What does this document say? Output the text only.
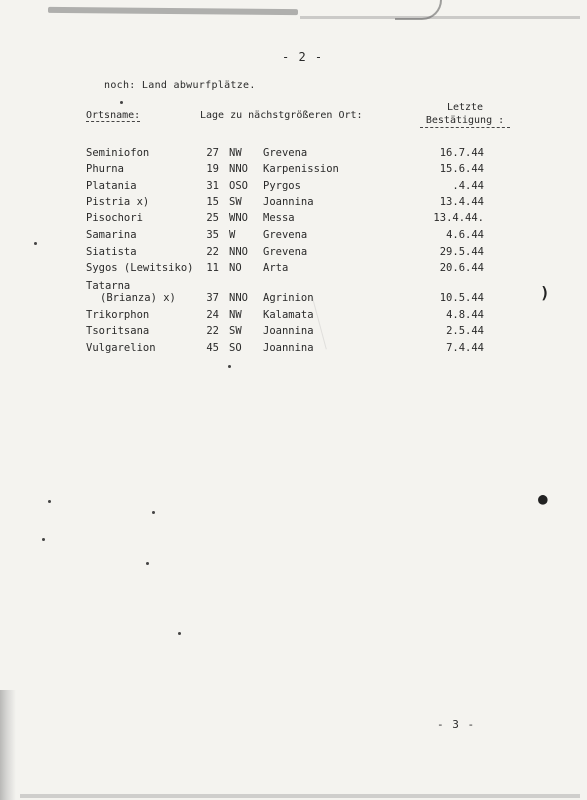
- 2 -
noch: Land abwurfplätze.
Ortsname:	Lage zu nächstgrößeren Ort:
Letzte
Bestätigung :
Seminiofon	27 NW Grevena	16.7.44
Phurna	19 NNO Karpenission	15.6.44
Platania	31 OSO Pyrgos	.4.44
Pistria x)	15 SW Joannina	13.4.44
Pisochori	25 WNO Messa	13.4.44.
Samarina	35 W	Grevena	4.6.44
Siatista	22 NNO Grevena	29.5.44
Sygos (Lewitsiko)	11 NO Arta	20.6.44
Tatarna
(Brianza) x)	37 NNO Agrinion	10.5.44
Trikorphon	24 NW Kalamata	4.8.44
Tsoritsana	22 SW Joannina	2.5.44
Vulgarelion	45 SO Joannina	7.4.44
)
●
- 3 -
